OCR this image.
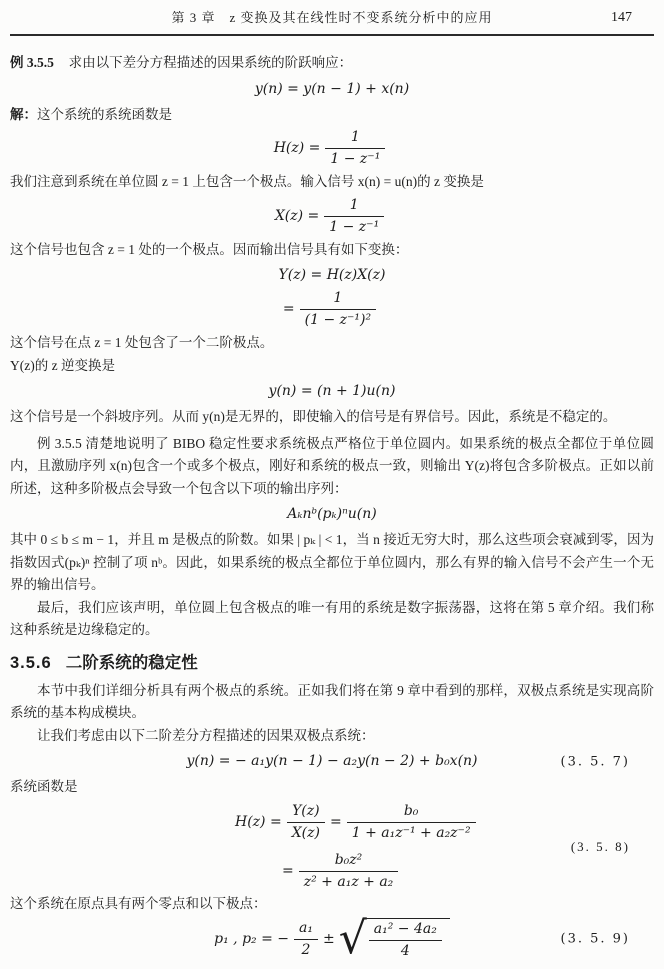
第 3 章　z 变换及其在线性时不变系统分析中的应用	147

例 3.5.5 求由以下差分方程描述的因果系统的阶跃响应：

y(n) = y(n − 1) + x(n)

解：这个系统的系统函数是

$H(z) = \frac{1}{\text{1 − z⁻¹}}$

我们注意到系统在单位圆 z = 1 上包含一个极点。输入信号 x(n) = u(n)的 z 变换是

$X(z) = \frac{1}{\text{1 − z⁻¹}}$

这个信号也包含 z = 1 处的一个极点。因而输出信号具有如下变换：

Y(z) = H(z)X(z)
= $\frac{1}{\text{(1 − z⁻¹)²}}$

这个信号在点 z = 1 处包含了一个二阶极点。

Y(z)的 z 逆变换是

y(n) = (n + 1)u(n)

这个信号是一个斜坡序列。从而 y(n)是无界的，即使输入的信号是有界信号。因此，系统是不稳定的。

例 3.5.5 清楚地说明了 BIBO 稳定性要求系统极点严格位于单位圆内。如果系统的极点全都位于单位圆内，且激励序列 x(n)包含一个或多个极点，刚好和系统的极点一致，则输出 Y(z)将包含多阶极点。正如以前所述，这种多阶极点会导致一个包含以下项的输出序列：

Aₖnᵇ(pₖ)ⁿu(n)

其中 0 ≤ b ≤ m − 1，并且 m 是极点的阶数。如果 | pₖ | < 1，当 n 接近无穷大时，那么这些项会衰减到零，因为指数因式(pₖ)ⁿ 控制了项 nᵇ。因此，如果系统的极点全都位于单位圆内，那么有界的输入信号不会产生一个无界的输出信号。

最后，我们应该声明，单位圆上包含极点的唯一有用的系统是数字振荡器，这将在第 5 章介绍。我们称这种系统是边缘稳定的。

3.5.6 二阶系统的稳定性

本节中我们详细分析具有两个极点的系统。正如我们将在第 9 章中看到的那样，双极点系统是实现高阶系统的基本构成模块。

让我们考虑由以下二阶差分方程描述的因果双极点系统：

y(n) = − a₁y(n − 1) − a₂y(n − 2) + b₀x(n)	(3. 5. 7)

系统函数是

$H(z) = \frac{Y(z)}{X(z)} = \frac{\text{b₀}}{\text{1 + a₁z⁻¹ + a₂z⁻²}}$
= $\frac{\text{b₀z²}}{\text{z² + a₁z + a₂}}$
(3. 5. 8)

这个系统在原点具有两个零点和以下极点：

p₁ , p₂ = − $\frac{\text{a₁}}{2}$ ± √ $\frac{\text{a₁² − 4a₂}}{4}$	(3. 5. 9)
